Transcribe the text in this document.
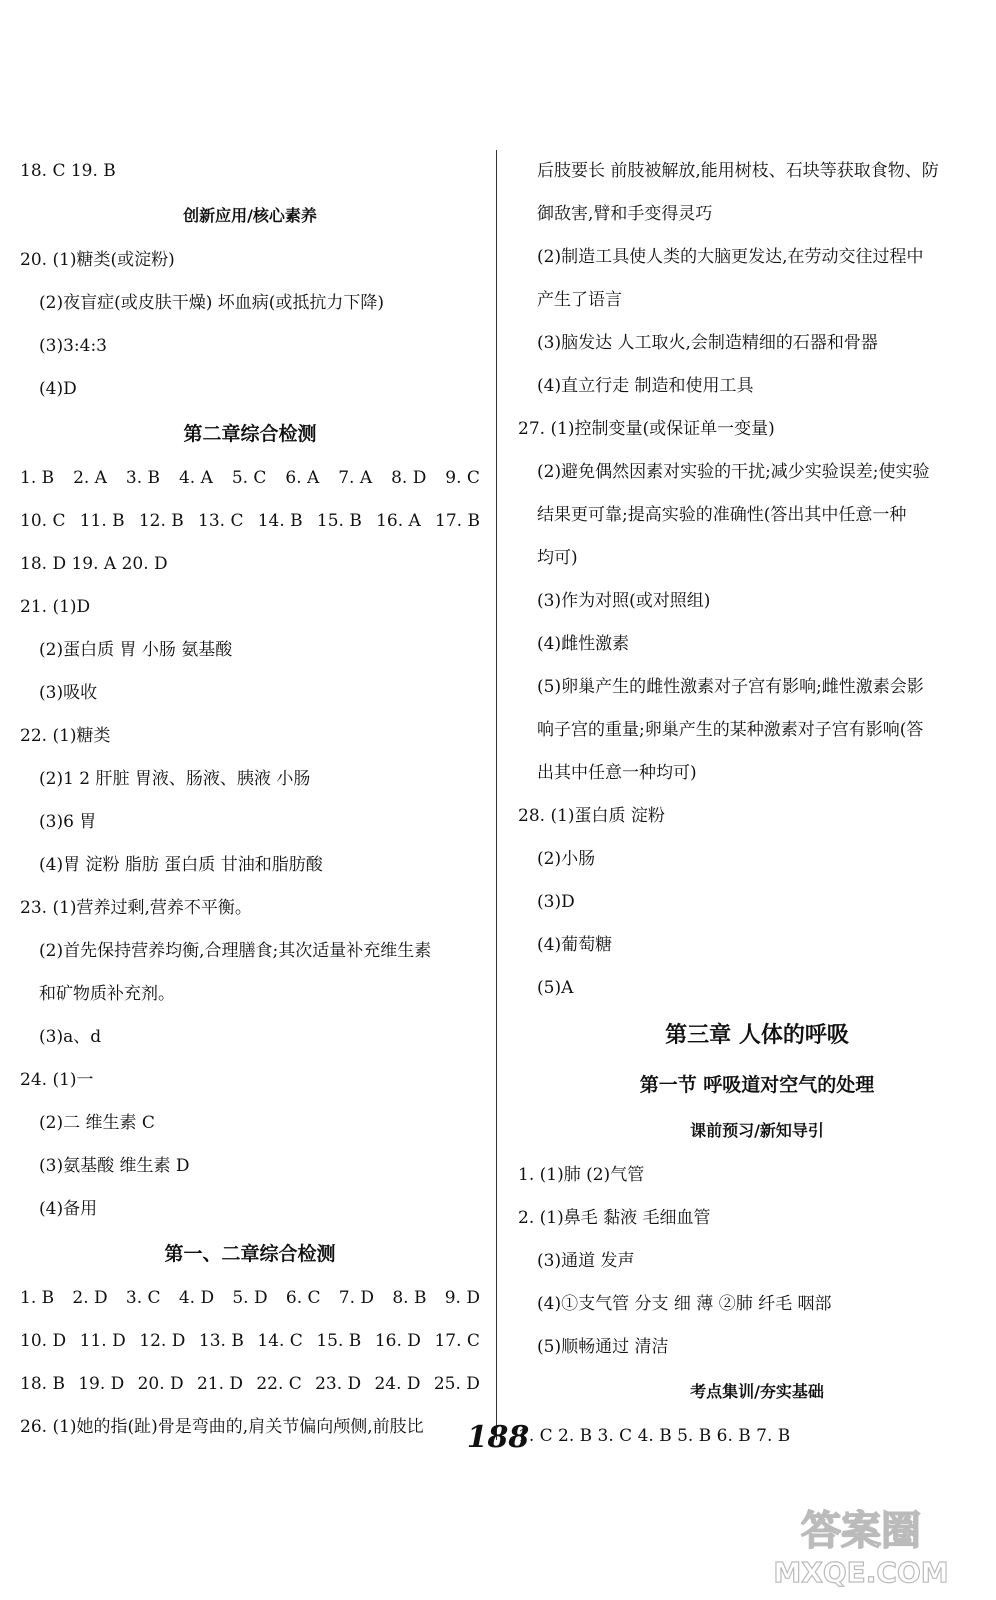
18. C 19. B
创新应用/核心素养
20. (1)糖类(或淀粉)
(2)夜盲症(或皮肤干燥) 坏血病(或抵抗力下降)
(3)3:4:3
(4)D
第二章综合检测
1. B 2. A 3. B 4. A 5. C 6. A 7. A 8. D 9. C
10. C 11. B 12. B 13. C 14. B 15. B 16. A 17. B
18. D 19. A 20. D
21. (1)D
(2)蛋白质 胃 小肠 氨基酸
(3)吸收
22. (1)糖类
(2)1 2 肝脏 胃液、肠液、胰液 小肠
(3)6 胃
(4)胃 淀粉 脂肪 蛋白质 甘油和脂肪酸
23. (1)营养过剩,营养不平衡。
(2)首先保持营养均衡,合理膳食;其次适量补充维生素
和矿物质补充剂。
(3)a、d
24. (1)一
(2)二 维生素 C
(3)氨基酸 维生素 D
(4)备用
第一、二章综合检测
1. B 2. D 3. C 4. D 5. D 6. C 7. D 8. B 9. D
10. D 11. D 12. D 13. B 14. C 15. B 16. D 17. C
18. B 19. D 20. D 21. D 22. C 23. D 24. D 25. D
26. (1)她的指(趾)骨是弯曲的,肩关节偏向颅侧,前肢比
后肢要长 前肢被解放,能用树枝、石块等获取食物、防
御敌害,臂和手变得灵巧
(2)制造工具使人类的大脑更发达,在劳动交往过程中
产生了语言
(3)脑发达 人工取火,会制造精细的石器和骨器
(4)直立行走 制造和使用工具
27. (1)控制变量(或保证单一变量)
(2)避免偶然因素对实验的干扰;减少实验误差;使实验
结果更可靠;提高实验的准确性(答出其中任意一种
均可)
(3)作为对照(或对照组)
(4)雌性激素
(5)卵巢产生的雌性激素对子宫有影响;雌性激素会影
响子宫的重量;卵巢产生的某种激素对子宫有影响(答
出其中任意一种均可)
28. (1)蛋白质 淀粉
(2)小肠
(3)D
(4)葡萄糖
(5)A
第三章 人体的呼吸
第一节 呼吸道对空气的处理
课前预习/新知导引
1. (1)肺 (2)气管
2. (1)鼻毛 黏液 毛细血管
(3)通道 发声
(4)①支气管 分支 细 薄 ②肺 纤毛 咽部
(5)顺畅通过 清洁
考点集训/夯实基础
1. C 2. B 3. C 4. B 5. B 6. B 7. B
188
答案圈
MXQE.COM
